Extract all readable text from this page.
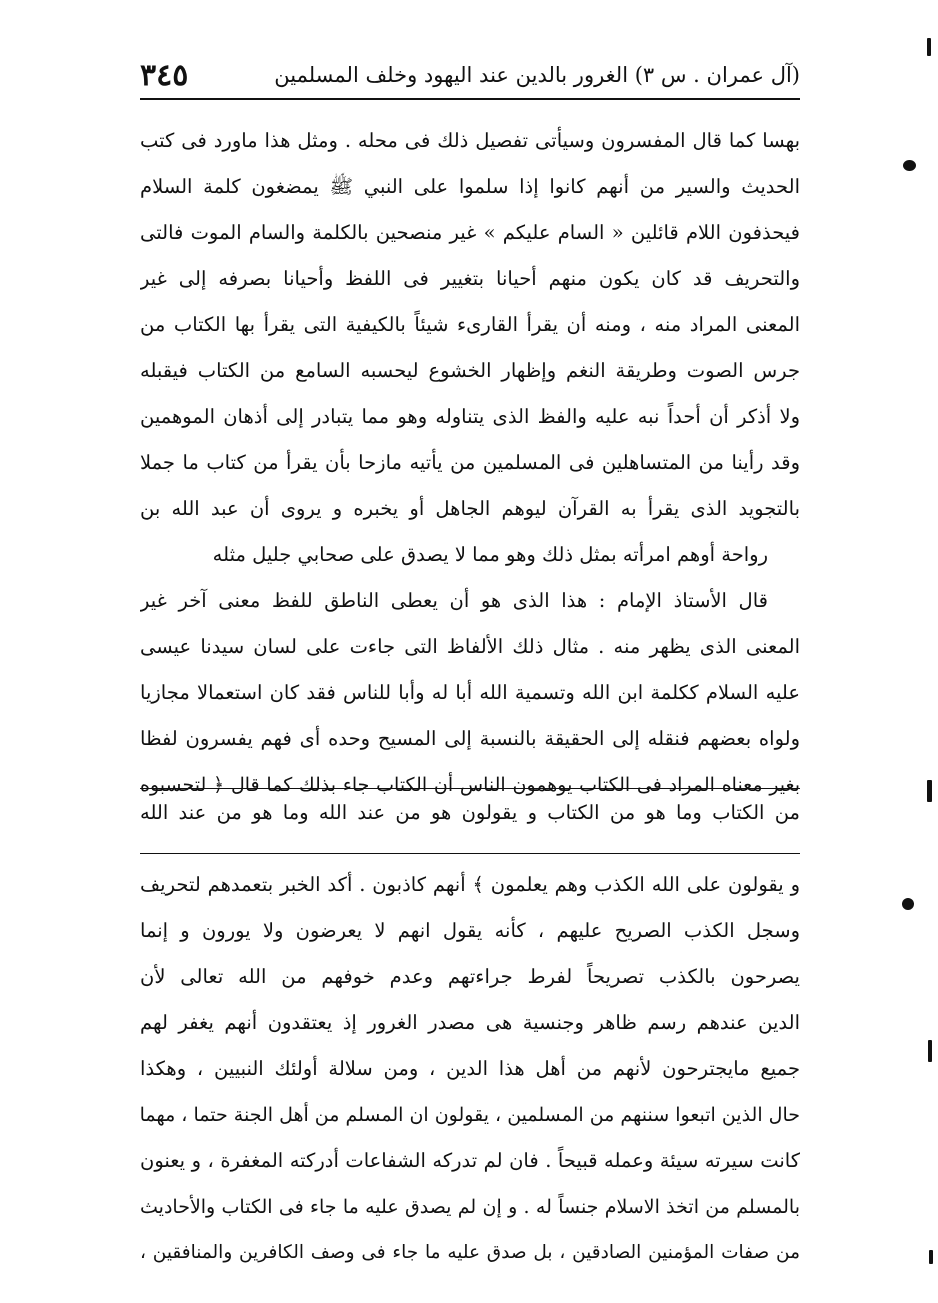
(آل عمران . س ٣) الغرور بالدين عند اليهود وخلف المسلمين
٣٤٥
بهسا كما قال المفسرون وسيأتى تفصيل ذلك فى محله . ومثل هذا ماورد فى كتب
الحديث والسير من أنهم كانوا إذا سلموا على النبي ﷺ يمضغون كلمة السلام
فيحذفون اللام قائلين « السام عليكم » غير منصحين بالكلمة والسام الموت فالتى
والتحريف قد كان يكون منهم أحيانا بتغيير فى اللفظ وأحيانا بصرفه إلى غير
المعنى المراد منه ، ومنه أن يقرأ القارىء شيئاً بالكيفية التى يقرأ بها الكتاب من
جرس الصوت وطريقة النغم وإظهار الخشوع ليحسبه السامع من الكتاب فيقبله
ولا أذكر أن أحداً نبه عليه والفظ الذى يتناوله وهو مما يتبادر إلى أذهان الموهمين
وقد رأينا من المتساهلين فى المسلمين من يأتيه مازحا بأن يقرأ من كتاب ما جملا
بالتجويد الذى يقرأ به القرآن ليوهم الجاهل أو يخبره و يروى أن عبد الله بن
رواحة أوهم امرأته بمثل ذلك وهو مما لا يصدق على صحابي جليل مثله
قال الأستاذ الإمام : هذا الذى هو أن يعطى الناطق للفظ معنى آخر غير
المعنى الذى يظهر منه . مثال ذلك الألفاظ التى جاءت على لسان سيدنا عيسى
عليه السلام ككلمة ابن الله وتسمية الله أبا له وأبا للناس فقد كان استعمالا مجازيا
ولواه بعضهم فنقله إلى الحقيقة بالنسبة إلى المسيح وحده أى فهم يفسرون لفظا
بغير معناه المراد فى الكتاب يوهمون الناس أن الكتاب جاء بذلك كما قال ﴿ لتحسبوه
من الكتاب وما هو من الكتاب و يقولون هو من عند الله وما هو من عند الله
و يقولون على الله الكذب وهم يعلمون ﴾ أنهم كاذبون . أكد الخبر بتعمدهم لتحريف
وسجل الكذب الصريح عليهم ، كأنه يقول انهم لا يعرضون ولا يورون و إنما
يصرحون بالكذب تصريحاً لفرط جراءتهم وعدم خوفهم من الله تعالى لأن
الدين عندهم رسم ظاهر وجنسية هى مصدر الغرور إذ يعتقدون أنهم يغفر لهم
جميع مايجترحون لأنهم من أهل هذا الدين ، ومن سلالة أولئك النبيين ، وهكذا
حال الذين اتبعوا سننهم من المسلمين ، يقولون ان المسلم من أهل الجنة حتما ، مهما
كانت سيرته سيئة وعمله قبيحاً . فان لم تدركه الشفاعات أدركته المغفرة ، و يعنون
بالمسلم من اتخذ الاسلام جنساً له . و إن لم يصدق عليه ما جاء فى الكتاب والأحاديث
من صفات المؤمنين الصادقين ، بل صدق عليه ما جاء فى وصف الكافرين والمنافقين ،
